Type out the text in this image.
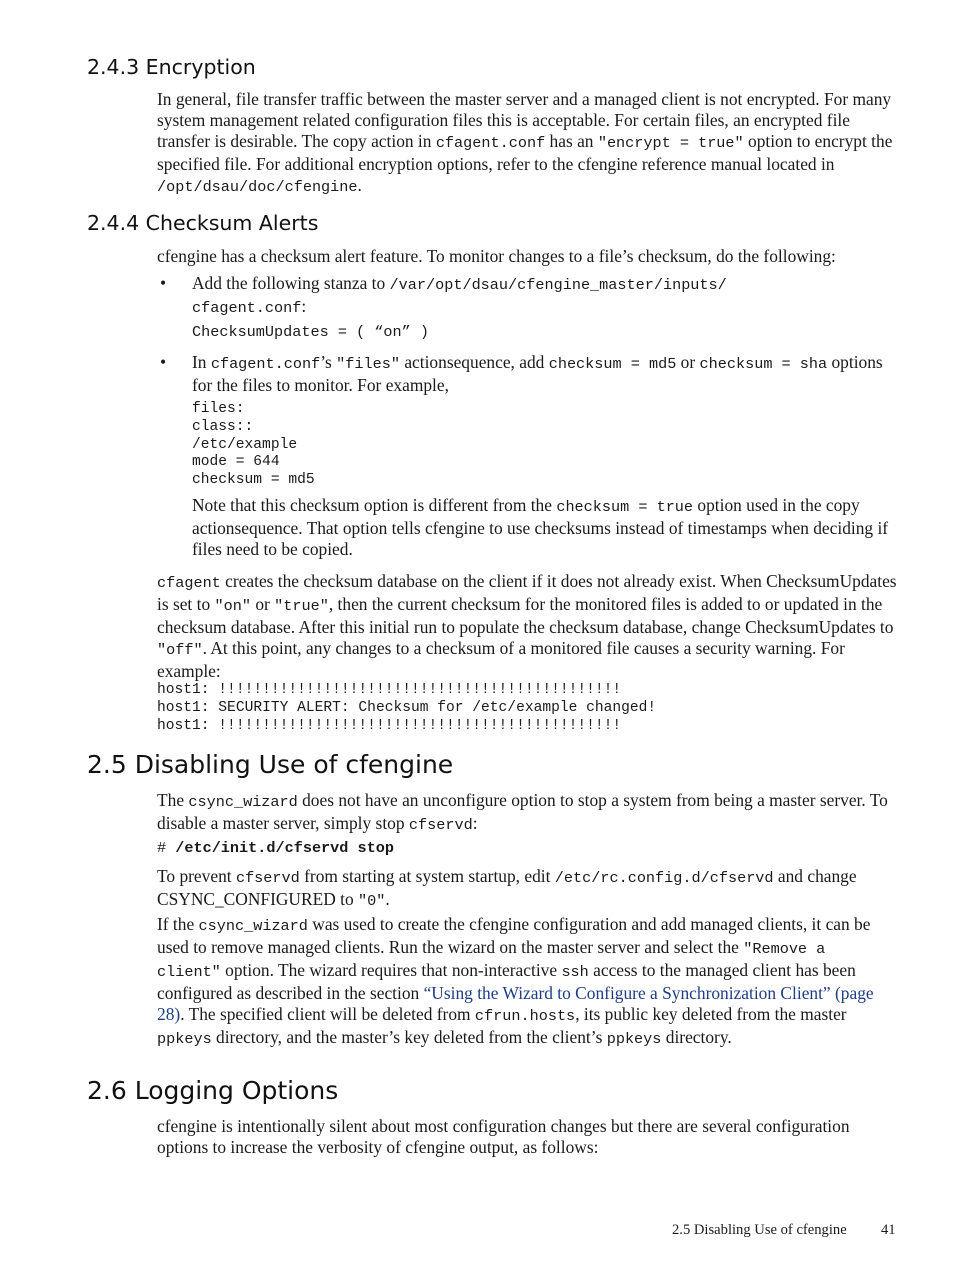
2.4.3 Encryption

In general, file transfer traffic between the master server and a managed client is not encrypted. For many system management related configuration files this is acceptable. For certain files, an encrypted file transfer is desirable. The copy action in cfagent.conf has an "encrypt = true" option to encrypt the specified file. For additional encryption options, refer to the cfengine reference manual located in /opt/dsau/doc/cfengine.

2.4.4 Checksum Alerts

cfengine has a checksum alert feature. To monitor changes to a file’s checksum, do the following:

• Add the following stanza to /var/opt/dsau/cfengine_master/inputs/
cfagent.conf:

ChecksumUpdates = ( “on” )
• In cfagent.conf’s "files" actionsequence, add checksum = md5 or checksum = sha options for the files to monitor. For example,

files:
class::
/etc/example
mode = 644
checksum = md5

Note that this checksum option is different from the checksum = true option used in the copy actionsequence. That option tells cfengine to use checksums instead of timestamps when deciding if files need to be copied.

cfagent creates the checksum database on the client if it does not already exist. When ChecksumUpdates is set to "on" or "true", then the current checksum for the monitored files is added to or updated in the checksum database. After this initial run to populate the checksum database, change ChecksumUpdates to "off". At this point, any changes to a checksum of a monitored file causes a security warning. For example:

host1: !!!!!!!!!!!!!!!!!!!!!!!!!!!!!!!!!!!!!!!!!!!!!!
host1: SECURITY ALERT: Checksum for /etc/example changed!
host1: !!!!!!!!!!!!!!!!!!!!!!!!!!!!!!!!!!!!!!!!!!!!!!
2.5 Disabling Use of cfengine

The csync_wizard does not have an unconfigure option to stop a system from being a master server. To disable a master server, simply stop cfservd:

# /etc/init.d/cfservd stop

To prevent cfservd from starting at system startup, edit /etc/rc.config.d/cfservd and change CSYNC_CONFIGURED to "0".

If the csync_wizard was used to create the cfengine configuration and add managed clients, it can be used to remove managed clients. Run the wizard on the master server and select the "Remove a client" option. The wizard requires that non-interactive ssh access to the managed client has been configured as described in the section “Using the Wizard to Configure a Synchronization Client” (page 28). The specified client will be deleted from cfrun.hosts, its public key deleted from the master ppkeys directory, and the master’s key deleted from the client’s ppkeys directory.

2.6 Logging Options

cfengine is intentionally silent about most configuration changes but there are several configuration options to increase the verbosity of cfengine output, as follows:

2.5 Disabling Use of cfengine 41
